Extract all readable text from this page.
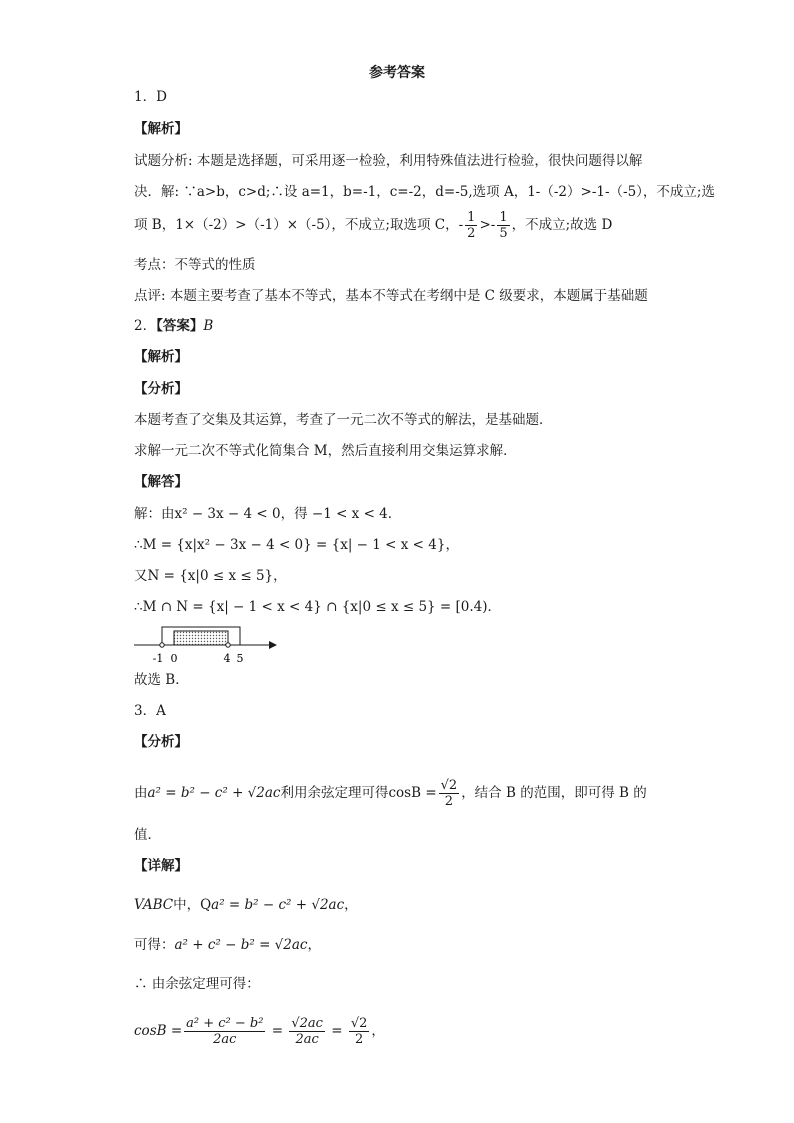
参考答案
1．D
【解析】
试题分析: 本题是选择题，可采用逐一检验，利用特殊值法进行检验，很快问题得以解
决．解: ∵a>b，c>d;∴设 a=1，b=-1，c=-2，d=-5,选项 A，1-（-2）>-1-（-5），不成立;选
项 B，1×（-2）>（-1）×（-5），不成立;取选项 C，- $\frac{1}{2} >- \frac{1}{5}$ ，不成立;故选 D
考点：不等式的性质
点评: 本题主要考查了基本不等式，基本不等式在考纲中是 C 级要求，本题属于基础题
2．【答案】B
【解析】
【分析】
本题考查了交集及其运算，考查了一元二次不等式的解法，是基础题．
求解一元二次不等式化简集合 M，然后直接利用交集运算求解．
【解答】
解：由x² − 3x − 4 < 0，得 −1 < x < 4．
∴M = {x|x² − 3x − 4 < 0} = {x| − 1 < x < 4}，
又N = {x|0 ≤ x ≤ 5}，
∴M ∩ N = {x| − 1 < x < 4} ∩ {x|0 ≤ x ≤ 5} = [0.4)．
-1 0	4 5
故选 B．
3．A
【分析】
由a² = b² − c² + √2ac利用余弦定理可得$\cos B = \frac{√2}{2}$ ，结合 B 的范围，即可得 B 的
值．
【详解】
VABC中，Qa² = b² − c² + √2ac，
可得：a² + c² − b² = √2ac，
∴ 由余弦定理可得：
$\cos B = \frac{\text{a² + c² − b²}}{2ac} = \frac{√2ac}{2ac} = \frac{√2}{2}$ ，
